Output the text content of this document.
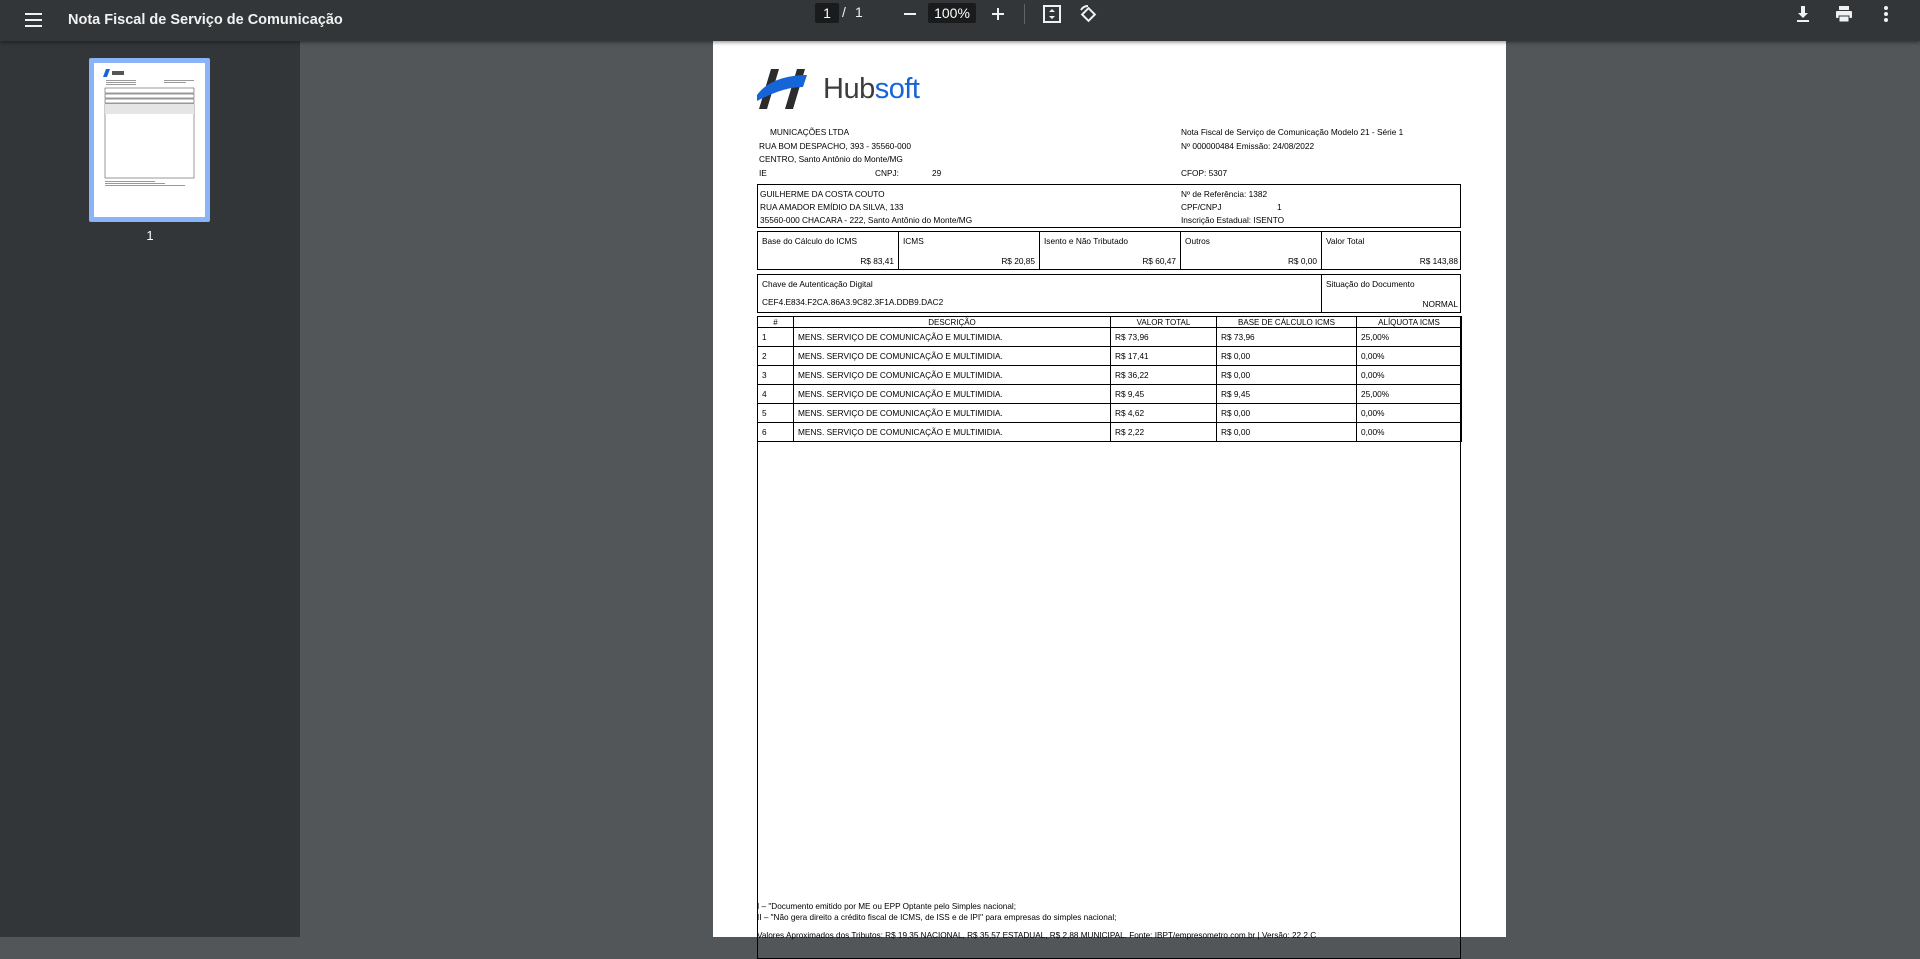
Nota Fiscal de Serviço de Comunicação	1 / 1	100%
1
Hubsoft
MUNICAÇÕES LTDA
RUA BOM DESPACHO, 393 - 35560-000
CENTRO, Santo Antônio do Monte/MG
IE	CNPJ:	29
Nota Fiscal de Serviço de Comunicação Modelo 21 - Série 1
Nº 000000484 Emissão: 24/08/2022
CFOP: 5307
GUILHERME DA COSTA COUTO
RUA AMADOR EMÍDIO DA SILVA, 133
35560-000 CHACARA - 222, Santo Antônio do Monte/MG
Nº de Referência: 1382
CPF/CNPJ	1
Inscrição Estadual: ISENTO
Base do Cálculo do ICMS
R$ 83,41
ICMS
R$ 20,85
Isento e Não Tributado
R$ 60,47
Outros
R$ 0,00
Valor Total
R$ 143,88
Chave de Autenticação Digital
CEF4.E834.F2CA.86A3.9C82.3F1A.DDB9.DAC2
Situação do Documento
NORMAL
#	DESCRIÇÃO	VALOR TOTAL	BASE DE CÁLCULO ICMS	ALÍQUOTA ICMS
1	MENS. SERVIÇO DE COMUNICAÇÃO E MULTIMIDIA.	R$ 73,96	R$ 73,96	25,00%
2	MENS. SERVIÇO DE COMUNICAÇÃO E MULTIMIDIA.	R$ 17,41	R$ 0,00	0,00%
3	MENS. SERVIÇO DE COMUNICAÇÃO E MULTIMIDIA.	R$ 36,22	R$ 0,00	0,00%
4	MENS. SERVIÇO DE COMUNICAÇÃO E MULTIMIDIA.	R$ 9,45	R$ 9,45	25,00%
5	MENS. SERVIÇO DE COMUNICAÇÃO E MULTIMIDIA.	R$ 4,62	R$ 0,00	0,00%
6	MENS. SERVIÇO DE COMUNICAÇÃO E MULTIMIDIA.	R$ 2,22	R$ 0,00	0,00%
I – "Documento emitido por ME ou EPP Optante pelo Simples nacional;
II – "Não gera direito a crédito fiscal de ICMS, de ISS e de IPI" para empresas do simples nacional;
Valores Aproximados dos Tributos: R$ 19,35 NACIONAL, R$ 35,57 ESTADUAL, R$ 2,88 MUNICIPAL. Fonte: IBPT/empresometro.com.br | Versão: 22.2.C
